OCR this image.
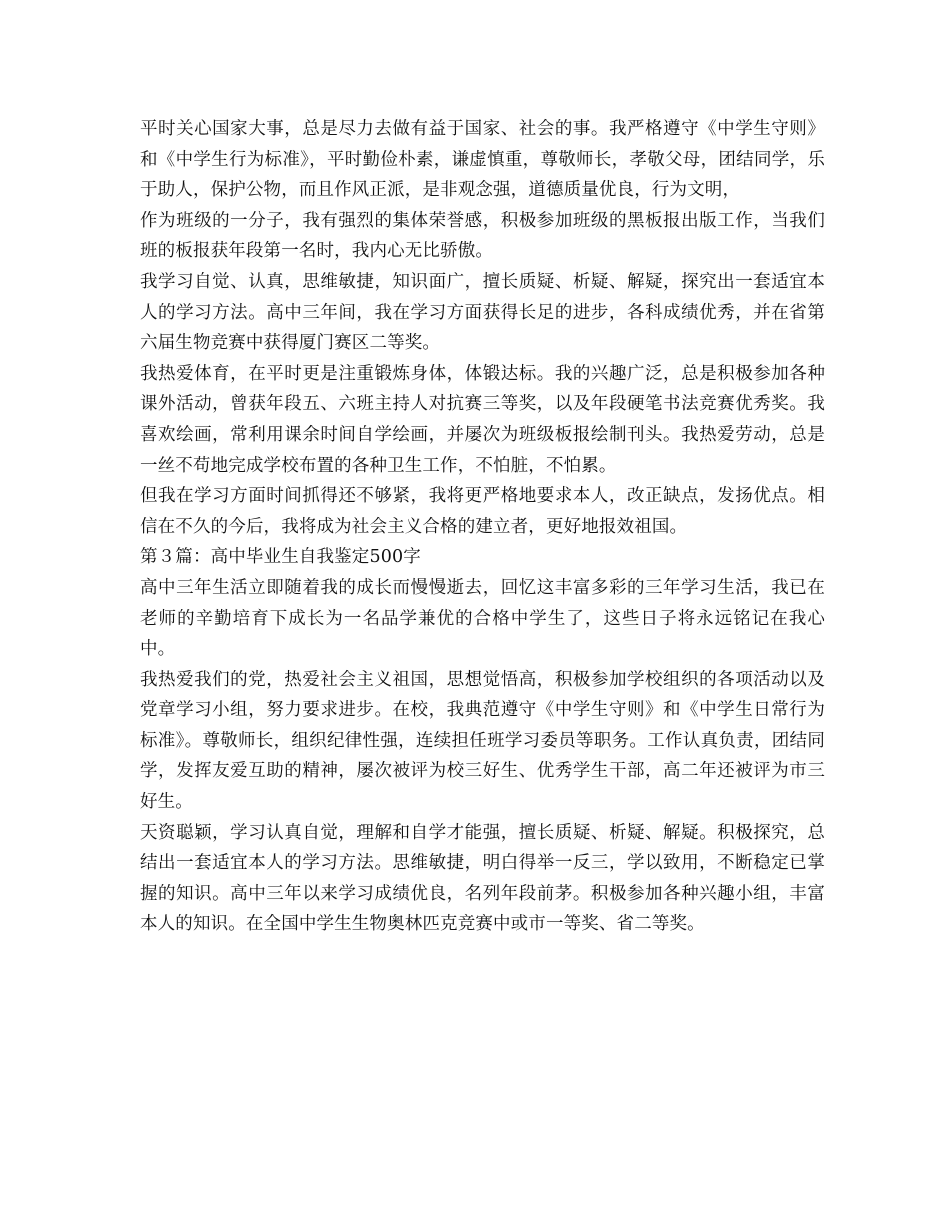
平时关心国家大事，总是尽力去做有益于国家、社会的事。我严格遵守《中学生守则》和《中学生行为标准》，平时勤俭朴素，谦虚慎重，尊敬师长，孝敬父母，团结同学，乐于助人，保护公物，而且作风正派，是非观念强，道德质量优良，行为文明，

作为班级的一分子，我有强烈的集体荣誉感，积极参加班级的黑板报出版工作，当我们班的板报获年段第一名时，我内心无比骄傲。

我学习自觉、认真，思维敏捷，知识面广，擅长质疑、析疑、解疑，探究出一套适宜本人的学习方法。高中三年间，我在学习方面获得长足的进步，各科成绩优秀，并在省第六届生物竞赛中获得厦门赛区二等奖。

我热爱体育，在平时更是注重锻炼身体，体锻达标。我的兴趣广泛，总是积极参加各种课外活动，曾获年段五、六班主持人对抗赛三等奖，以及年段硬笔书法竞赛优秀奖。我喜欢绘画，常利用课余时间自学绘画，并屡次为班级板报绘制刊头。我热爱劳动，总是一丝不苟地完成学校布置的各种卫生工作，不怕脏，不怕累。

但我在学习方面时间抓得还不够紧，我将更严格地要求本人，改正缺点，发扬优点。相信在不久的今后，我将成为社会主义合格的建立者，更好地报效祖国。

第３篇：高中毕业生自我鉴定500字

高中三年生活立即随着我的成长而慢慢逝去，回忆这丰富多彩的三年学习生活，我已在老师的辛勤培育下成长为一名品学兼优的合格中学生了，这些日子将永远铭记在我心中。

我热爱我们的党，热爱社会主义祖国，思想觉悟高，积极参加学校组织的各项活动以及党章学习小组，努力要求进步。在校，我典范遵守《中学生守则》和《中学生日常行为标准》。尊敬师长，组织纪律性强，连续担任班学习委员等职务。工作认真负责，团结同学，发挥友爱互助的精神，屡次被评为校三好生、优秀学生干部，高二年还被评为市三好生。

天资聪颖，学习认真自觉，理解和自学才能强，擅长质疑、析疑、解疑。积极探究，总结出一套适宜本人的学习方法。思维敏捷，明白得举一反三，学以致用，不断稳定已掌握的知识。高中三年以来学习成绩优良，名列年段前茅。积极参加各种兴趣小组，丰富本人的知识。在全国中学生生物奥林匹克竞赛中或市一等奖、省二等奖。
